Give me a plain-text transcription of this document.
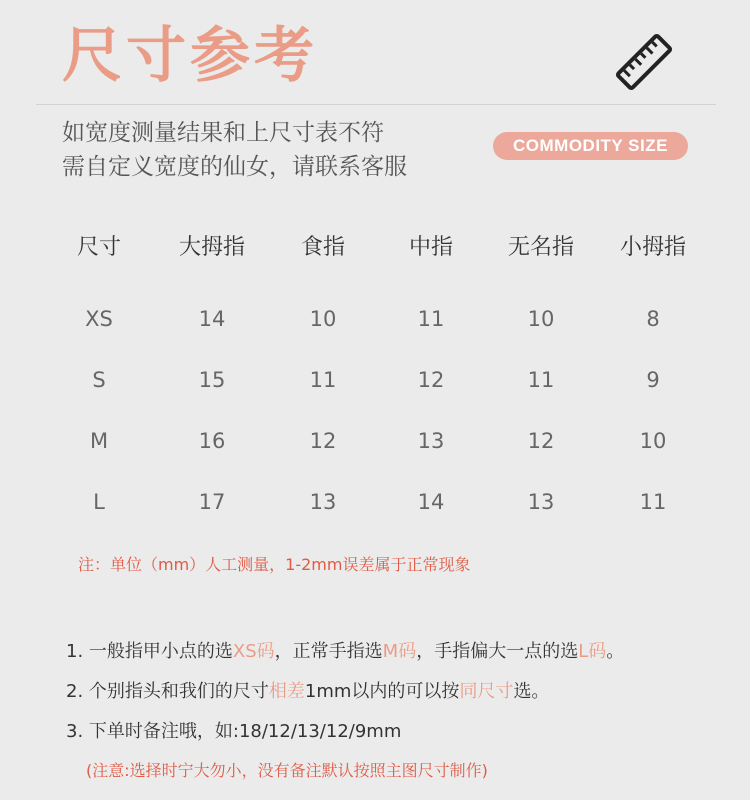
尺寸参考
如宽度测量结果和上尺寸表不符
需自定义宽度的仙女，请联系客服
COMMODITY SIZE
尺寸	大拇指	食指	中指	无名指	小拇指
XS	14	10	11	10	8
S	15	11	12	11	9
M	16	12	13	12	10
L	17	13	14	13	11

注：单位（mm）人工测量，1-2mm误差属于正常现象

1. 一般指甲小点的选XS码，正常手指选M码，手指偏大一点的选L码。
2. 个别指头和我们的尺寸相差1mm以内的可以按同尺寸选。
3. 下单时备注哦，如:18/12/13/12/9mm

(注意:选择时宁大勿小，没有备注默认按照主图尺寸制作)
